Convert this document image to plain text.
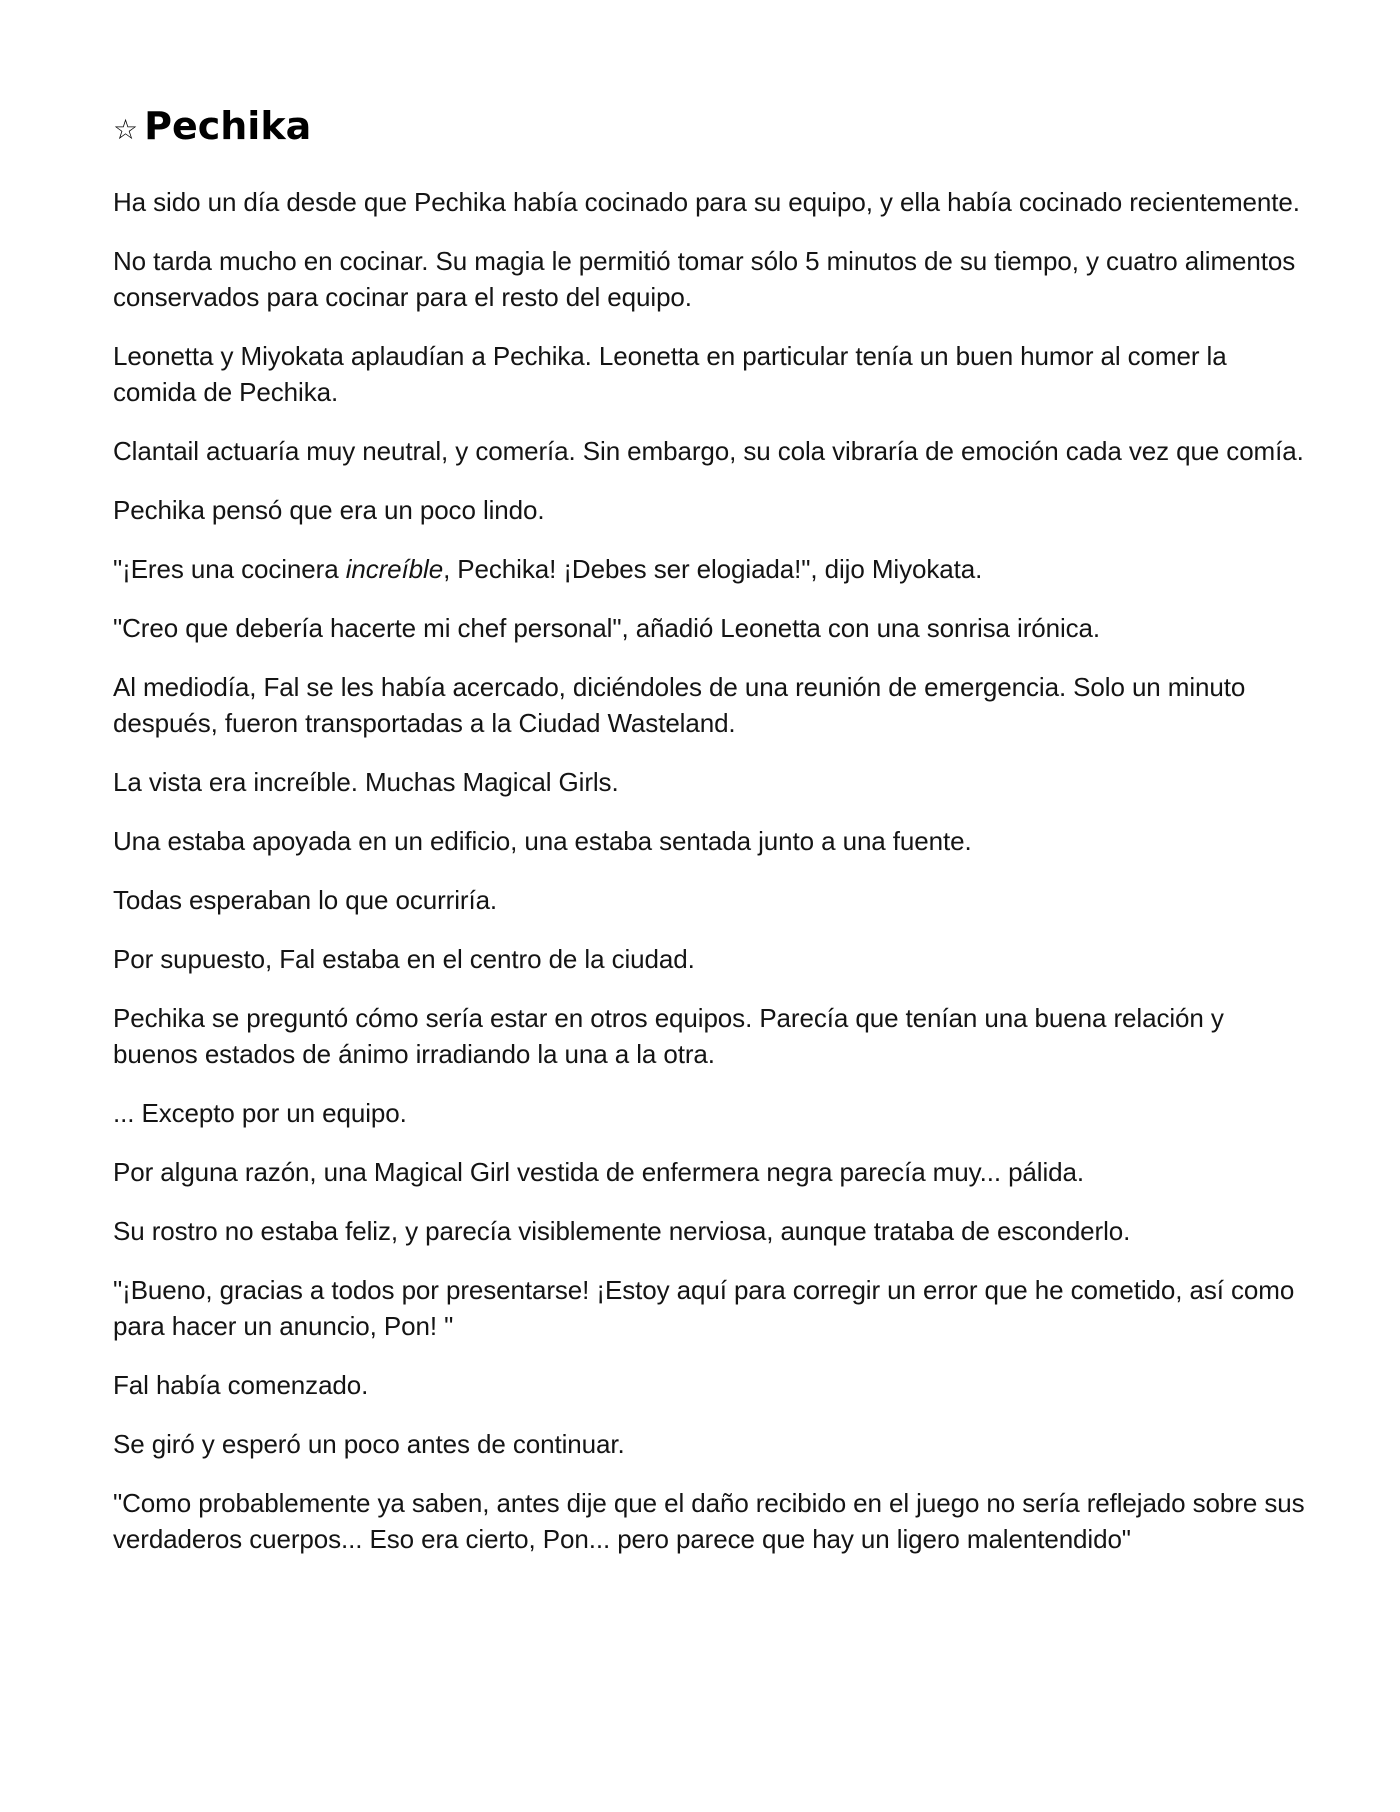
☆ Pechika

Ha sido un día desde que Pechika había cocinado para su equipo, y ella había cocinado recientemente.

No tarda mucho en cocinar. Su magia le permitió tomar sólo 5 minutos de su tiempo, y cuatro alimentos conservados para cocinar para el resto del equipo.

Leonetta y Miyokata aplaudían a Pechika. Leonetta en particular tenía un buen humor al comer la comida de Pechika.

Clantail actuaría muy neutral, y comería. Sin embargo, su cola vibraría de emoción cada vez que comía.

Pechika pensó que era un poco lindo.

"¡Eres una cocinera increíble, Pechika! ¡Debes ser elogiada!", dijo Miyokata.

"Creo que debería hacerte mi chef personal", añadió Leonetta con una sonrisa irónica.

Al mediodía, Fal se les había acercado, diciéndoles de una reunión de emergencia. Solo un minuto después, fueron transportadas a la Ciudad Wasteland.

La vista era increíble. Muchas Magical Girls.

Una estaba apoyada en un edificio, una estaba sentada junto a una fuente.

Todas esperaban lo que ocurriría.

Por supuesto, Fal estaba en el centro de la ciudad.

Pechika se preguntó cómo sería estar en otros equipos. Parecía que tenían una buena relación y buenos estados de ánimo irradiando la una a la otra.

... Excepto por un equipo.

Por alguna razón, una Magical Girl vestida de enfermera negra parecía muy... pálida.

Su rostro no estaba feliz, y parecía visiblemente nerviosa, aunque trataba de esconderlo.

"¡Bueno, gracias a todos por presentarse! ¡Estoy aquí para corregir un error que he cometido, así como para hacer un anuncio, Pon! "

Fal había comenzado.

Se giró y esperó un poco antes de continuar.

"Como probablemente ya saben, antes dije que el daño recibido en el juego no sería reflejado sobre sus verdaderos cuerpos... Eso era cierto, Pon... pero parece que hay un ligero malentendido"
